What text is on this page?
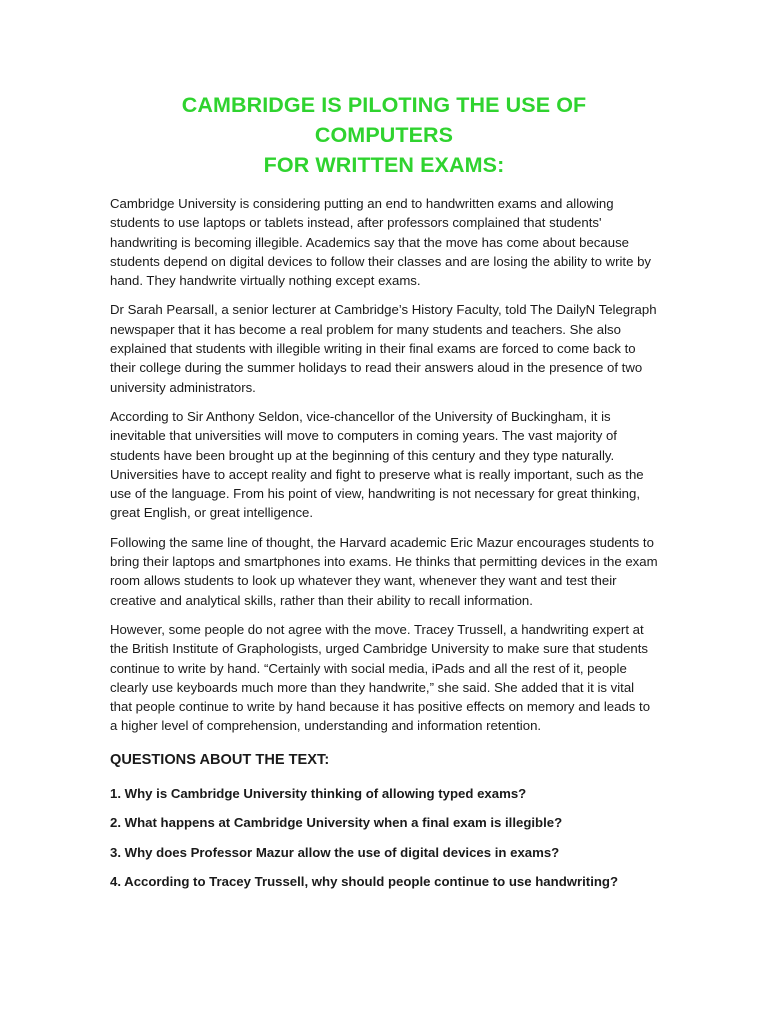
CAMBRIDGE IS PILOTING THE USE OF COMPUTERS
FOR WRITTEN EXAMS:

Cambridge University is considering putting an end to handwritten exams and allowing students to use laptops or tablets instead, after professors complained that students' handwriting is becoming illegible. Academics say that the move has come about because students depend on digital devices to follow their classes and are losing the ability to write by hand. They handwrite virtually nothing except exams.

Dr Sarah Pearsall, a senior lecturer at Cambridge’s History Faculty, told The DailyN Telegraph newspaper that it has become a real problem for many students and teachers. She also explained that students with illegible writing in their final exams are forced to come back to their college during the summer holidays to read their answers aloud in the presence of two university administrators.

According to Sir Anthony Seldon, vice-chancellor of the University of Buckingham, it is inevitable that universities will move to computers in coming years. The vast majority of students have been brought up at the beginning of this century and they type naturally. Universities have to accept reality and fight to preserve what is really important, such as the use of the language. From his point of view, handwriting is not necessary for great thinking, great English, or great intelligence.

Following the same line of thought, the Harvard academic Eric Mazur encourages students to bring their laptops and smartphones into exams. He thinks that permitting devices in the exam room allows students to look up whatever they want, whenever they want and test their creative and analytical skills, rather than their ability to recall information.

However, some people do not agree with the move. Tracey Trussell, a handwriting expert at the British Institute of Graphologists, urged Cambridge University to make sure that students continue to write by hand. “Certainly with social media, iPads and all the rest of it, people clearly use keyboards much more than they handwrite,” she said. She added that it is vital that people continue to write by hand because it has positive effects on memory and leads to a higher level of comprehension, understanding and information retention.

QUESTIONS ABOUT THE TEXT:

1. Why is Cambridge University thinking of allowing typed exams?

2. What happens at Cambridge University when a final exam is illegible?

3. Why does Professor Mazur allow the use of digital devices in exams?

4. According to Tracey Trussell, why should people continue to use handwriting?
